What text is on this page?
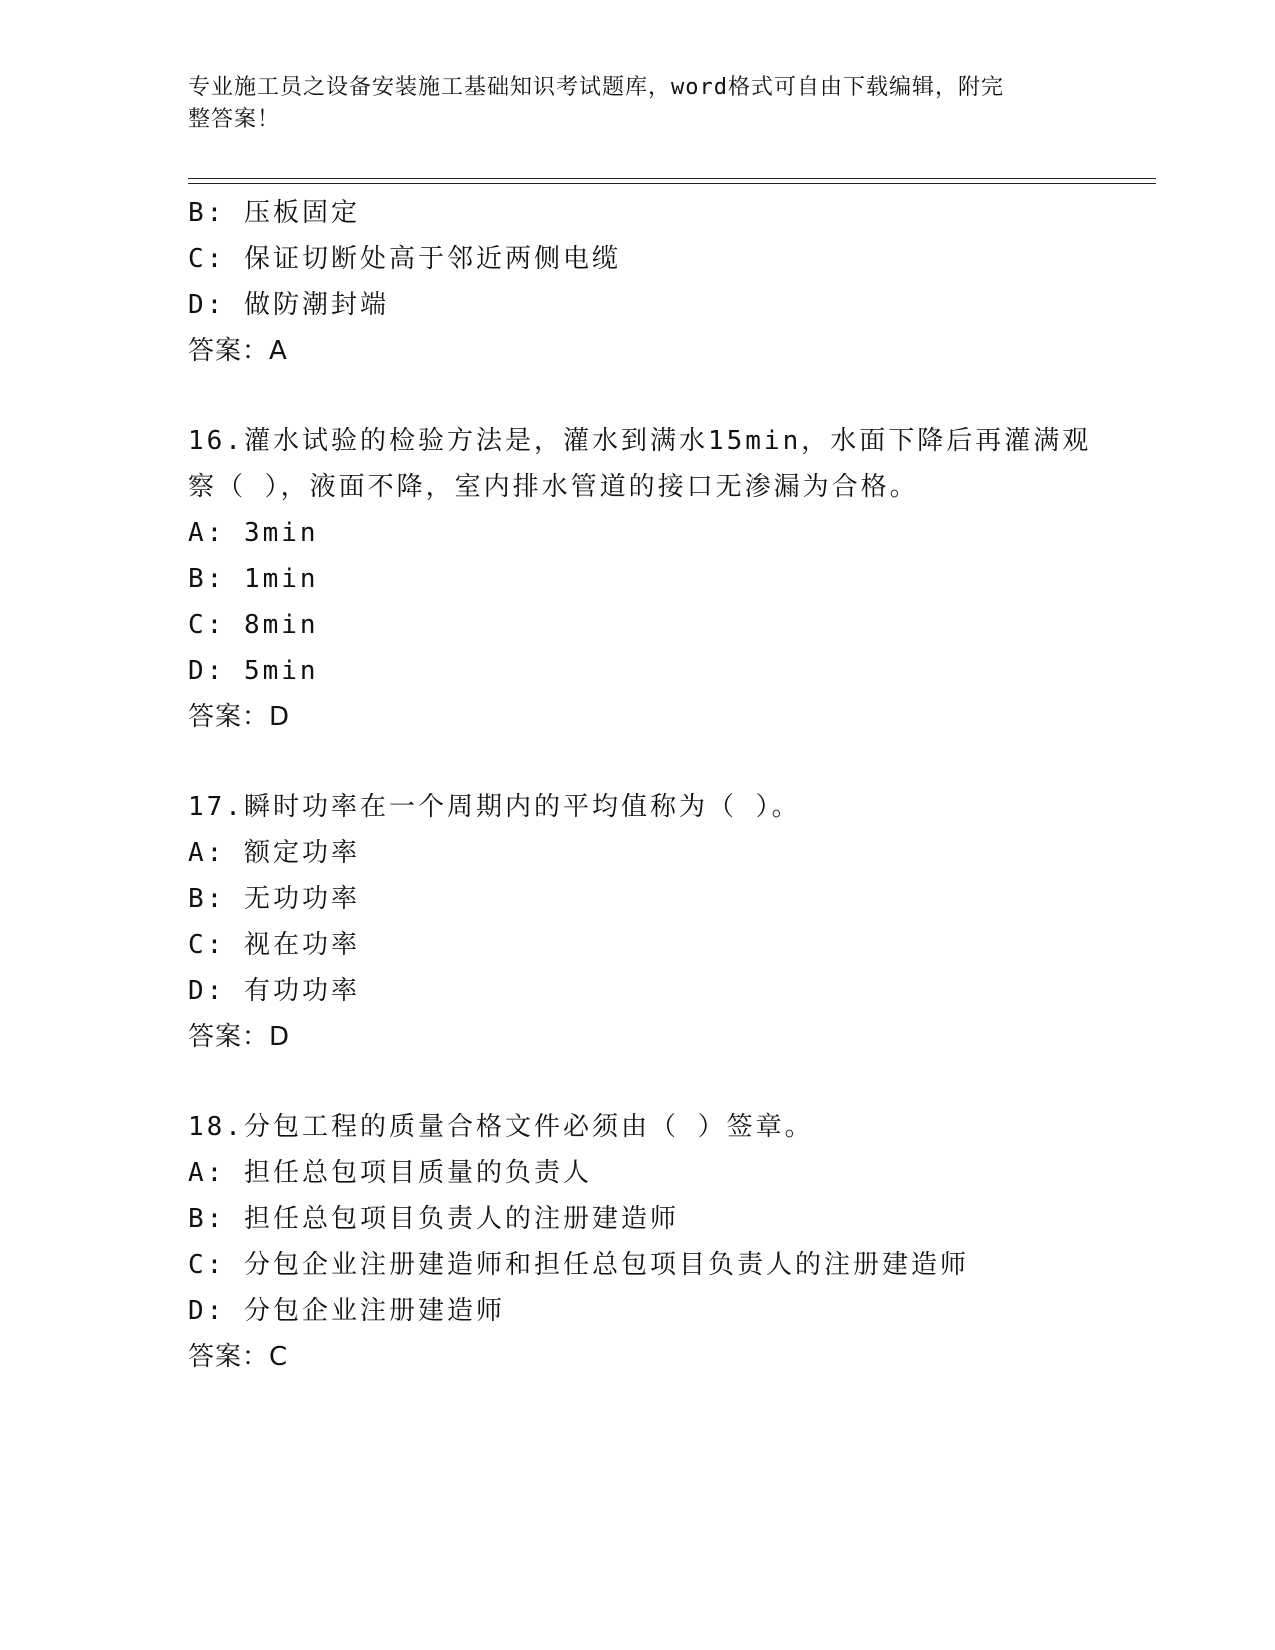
专业施工员之设备安装施工基础知识考试题库，word格式可自由下载编辑，附完
整答案！
B: 压板固定
C: 保证切断处高于邻近两侧电缆
D: 做防潮封端
答案：A
16.灌水试验的检验方法是，灌水到满水15min，水面下降后再灌满观
察（ ），液面不降，室内排水管道的接口无渗漏为合格。
A: 3min
B: 1min
C: 8min
D: 5min
答案：D
17.瞬时功率在一个周期内的平均值称为（ ）。
A: 额定功率
B: 无功功率
C: 视在功率
D: 有功功率
答案：D
18.分包工程的质量合格文件必须由（ ）签章。
A: 担任总包项目质量的负责人
B: 担任总包项目负责人的注册建造师
C: 分包企业注册建造师和担任总包项目负责人的注册建造师
D: 分包企业注册建造师
答案：C
